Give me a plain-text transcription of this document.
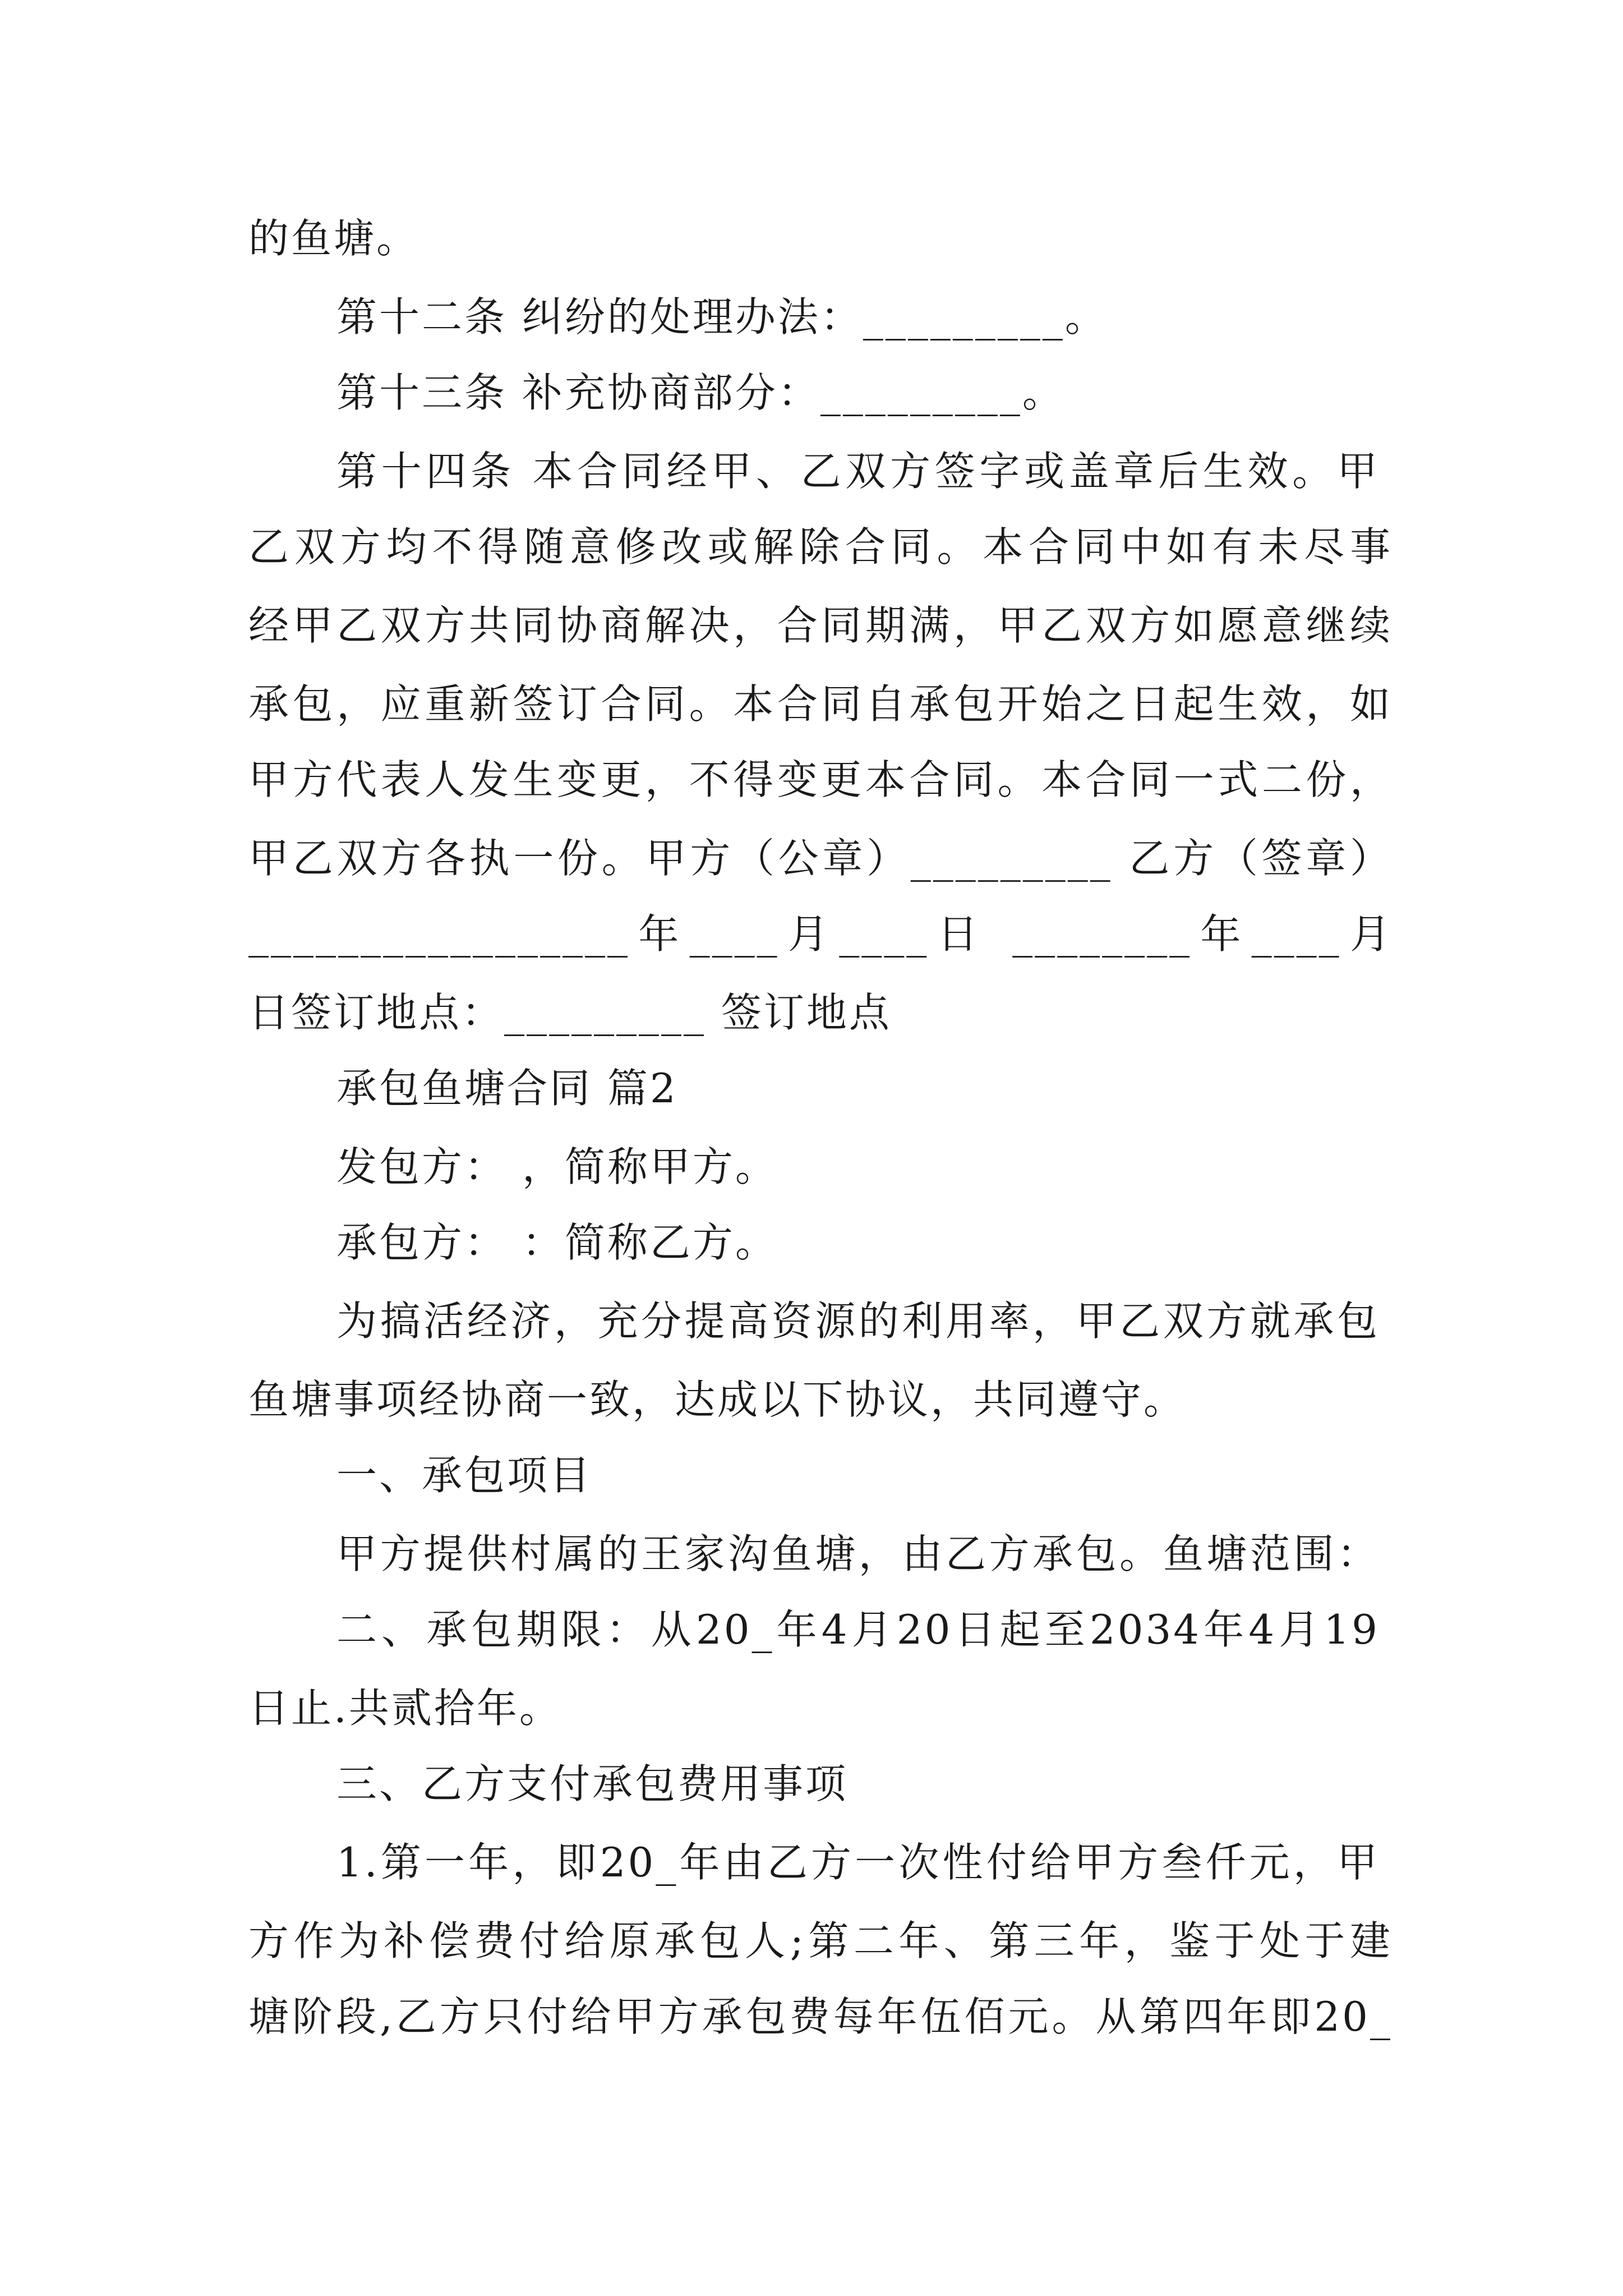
的鱼塘。
第十二条 纠纷的处理办法：_________。
第十三条 补充协商部分：_________。
第十四条 本合同经甲、乙双方签字或盖章后生效。甲
乙双方均不得随意修改或解除合同。本合同中如有未尽事
经甲乙双方共同协商解决，合同期满，甲乙双方如愿意继续
承包，应重新签订合同。本合同自承包开始之日起生效，如
甲方代表人发生变更，不得变更本合同。本合同一式二份，
甲乙双方各执一份。甲方（公章）_________ 乙方（签章）
_________________年____月____日 ________年____月
日签订地点：_________ 签订地点
承包鱼塘合同 篇2
发包方： ，简称甲方。
承包方： ：简称乙方。
为搞活经济，充分提高资源的利用率，甲乙双方就承包
鱼塘事项经协商一致，达成以下协议，共同遵守。
一、承包项目
甲方提供村属的王家沟鱼塘，由乙方承包。鱼塘范围：
二、承包期限：从20_年4月20日起至2034年4月19
日止.共贰拾年。
三、乙方支付承包费用事项
1.第一年，即20_年由乙方一次性付给甲方叁仟元，甲
方作为补偿费付给原承包人;第二年、第三年，鉴于处于建
塘阶段,乙方只付给甲方承包费每年伍佰元。从第四年即20_
